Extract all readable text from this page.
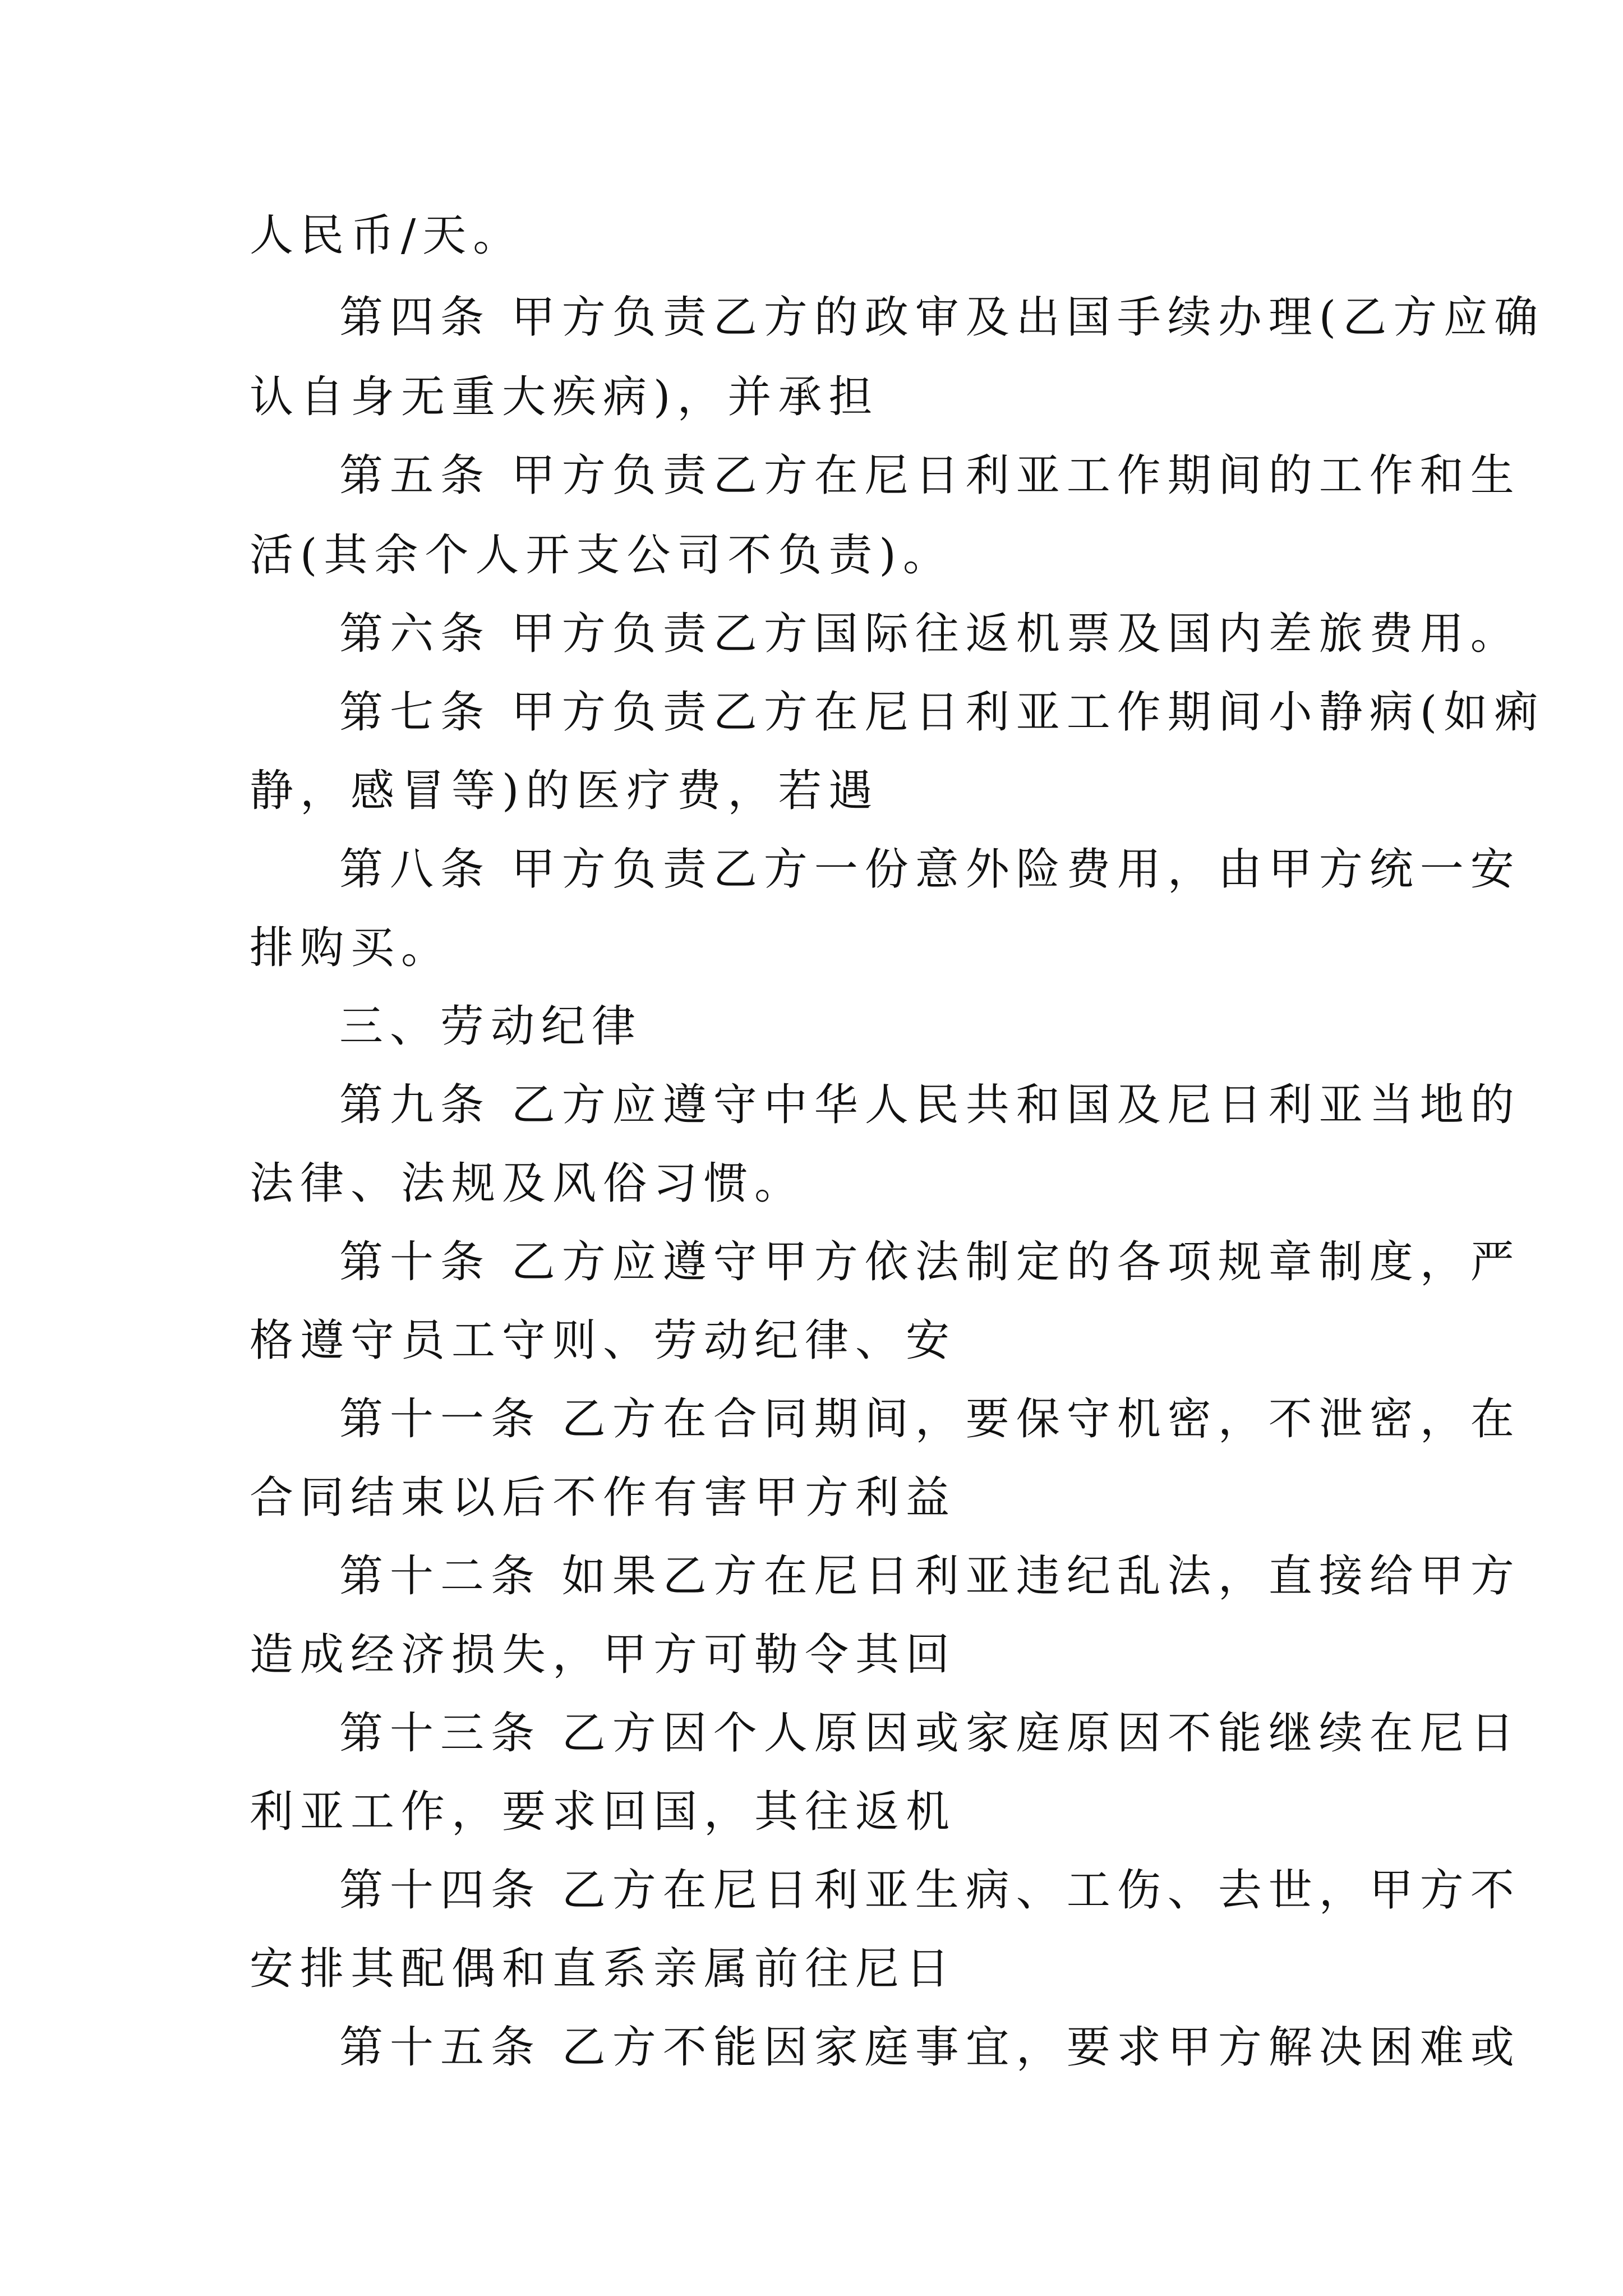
人民币/天。
第四条 甲方负责乙方的政审及出国手续办理(乙方应确
认自身无重大疾病)，并承担
第五条 甲方负责乙方在尼日利亚工作期间的工作和生
活(其余个人开支公司不负责)。
第六条 甲方负责乙方国际往返机票及国内差旅费用。
第七条 甲方负责乙方在尼日利亚工作期间小静病(如痢
静，感冒等)的医疗费，若遇
第八条 甲方负责乙方一份意外险费用，由甲方统一安
排购买。
三、劳动纪律
第九条 乙方应遵守中华人民共和国及尼日利亚当地的
法律、法规及风俗习惯。
第十条 乙方应遵守甲方依法制定的各项规章制度，严
格遵守员工守则、劳动纪律、安
第十一条 乙方在合同期间，要保守机密，不泄密，在
合同结束以后不作有害甲方利益
第十二条 如果乙方在尼日利亚违纪乱法，直接给甲方
造成经济损失，甲方可勒令其回
第十三条 乙方因个人原因或家庭原因不能继续在尼日
利亚工作，要求回国，其往返机
第十四条 乙方在尼日利亚生病、工伤、去世，甲方不
安排其配偶和直系亲属前往尼日
第十五条 乙方不能因家庭事宜，要求甲方解决困难或
